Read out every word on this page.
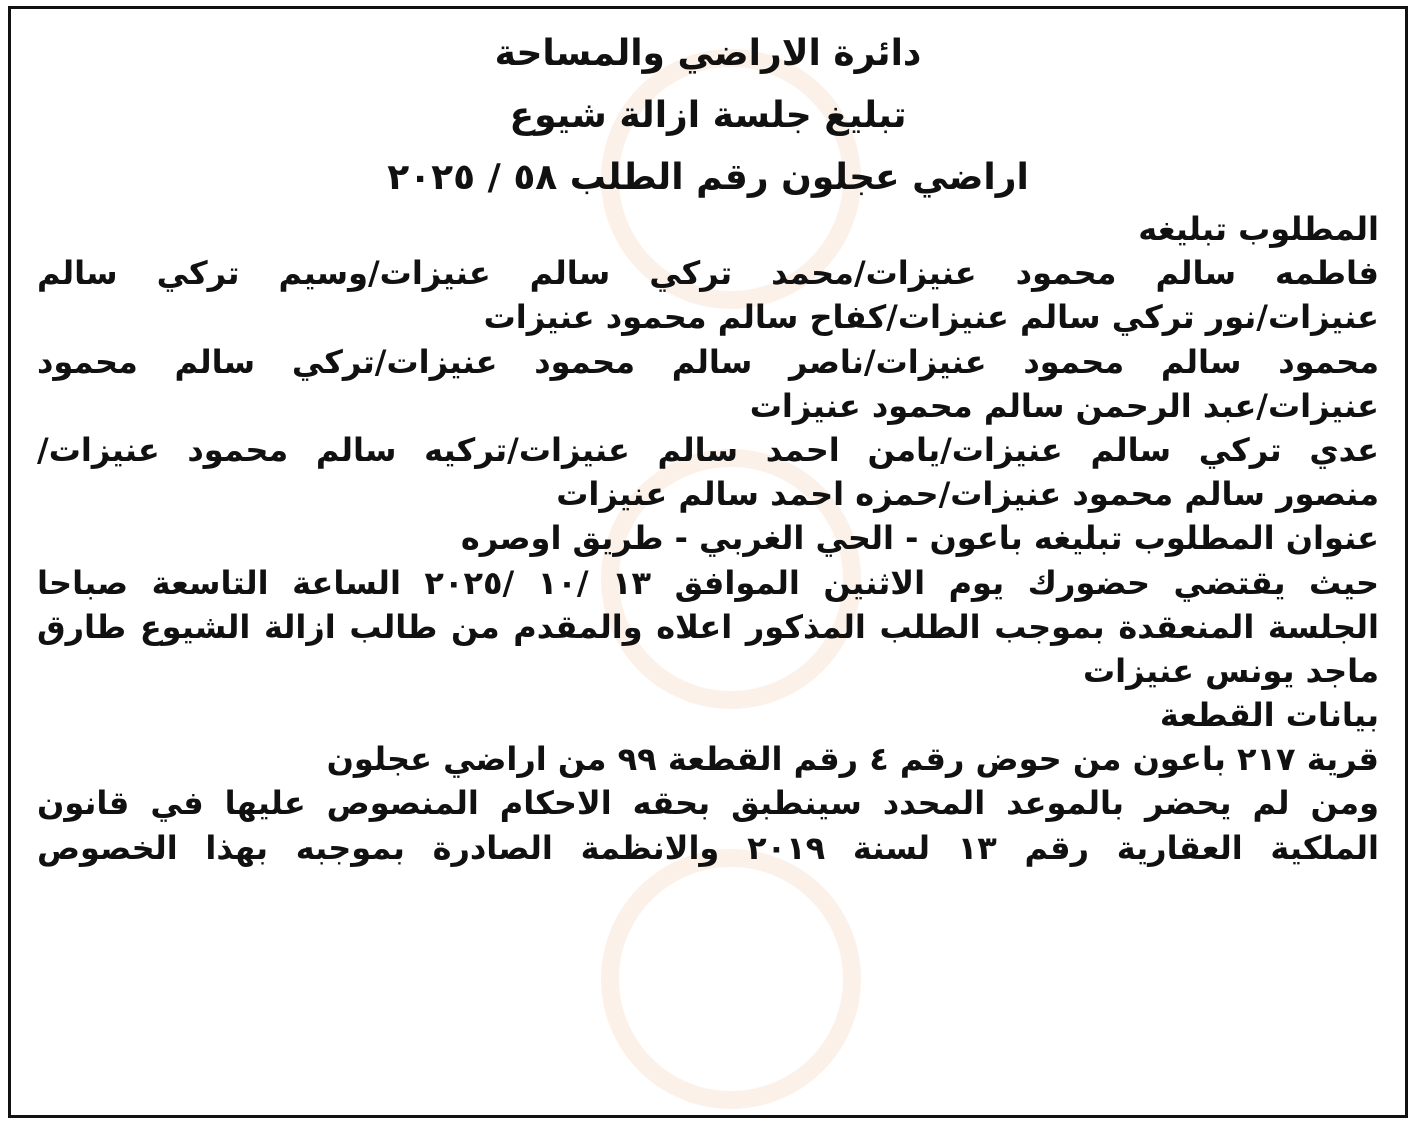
دائرة الاراضي والمساحة
تبليغ جلسة ازالة شيوع
اراضي عجلون رقم الطلب ٥٨ / ٢٠٢٥

المطلوب تبليغه

فاطمه سالم محمود عنيزات/محمد تركي سالم عنيزات/وسيم تركي سالم

عنيزات/نور تركي سالم عنيزات/كفاح سالم محمود عنيزات

محمود سالم محمود عنيزات/ناصر سالم محمود عنيزات/تركي سالم محمود

عنيزات/عبد الرحمن سالم محمود عنيزات

عدي تركي سالم عنيزات/يامن احمد سالم عنيزات/تركيه سالم محمود عنيزات/

منصور سالم محمود عنيزات/حمزه احمد سالم عنيزات

عنوان المطلوب تبليغه باعون - الحي الغربي - طريق اوصره

حيث يقتضي حضورك يوم الاثنين الموافق ١٣ /١٠ /٢٠٢٥ الساعة التاسعة صباحا

الجلسة المنعقدة بموجب الطلب المذكور اعلاه والمقدم من طالب ازالة الشيوع طارق

ماجد يونس عنيزات

بيانات القطعة

قرية ٢١٧ باعون من حوض رقم ٤ رقم القطعة ٩٩ من اراضي عجلون

ومن لم يحضر بالموعد المحدد سينطبق بحقه الاحكام المنصوص عليها في قانون

الملكية العقارية رقم ١٣ لسنة ٢٠١٩ والانظمة الصادرة بموجبه بهذا الخصوص
